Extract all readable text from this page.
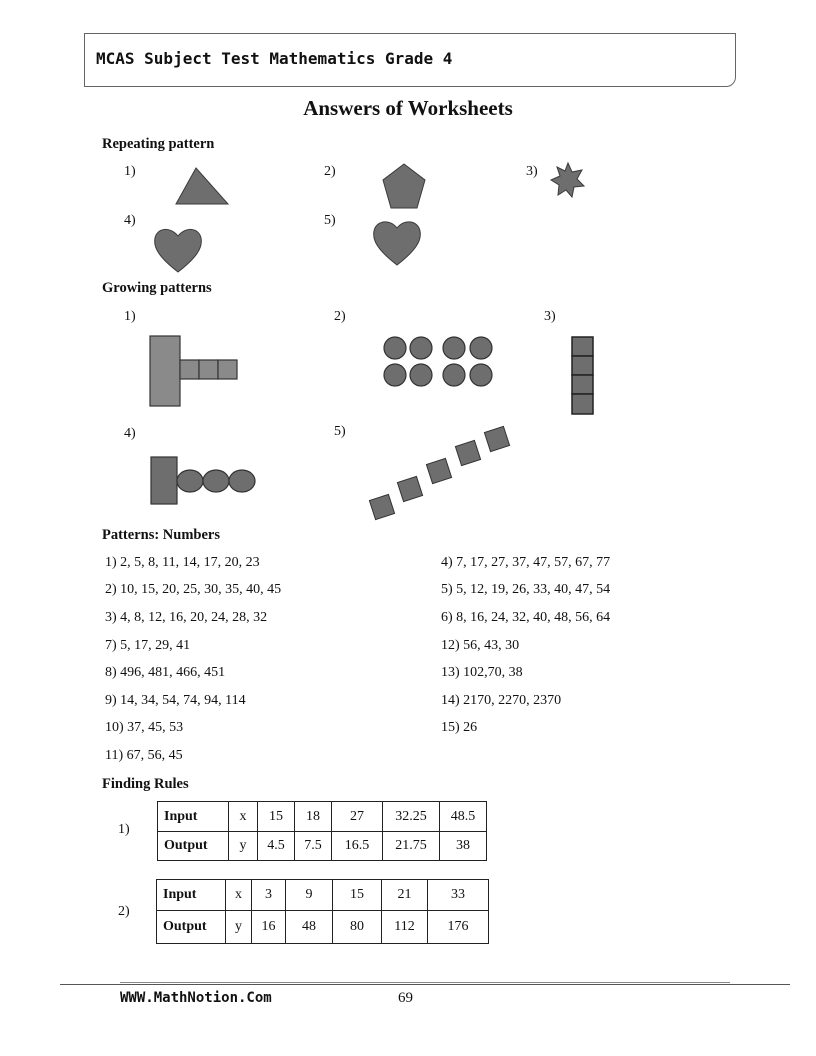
MCAS Subject Test Mathematics Grade 4
Answers of Worksheets
Repeating pattern
1)	2)	3)
4)	5)
Growing patterns
1)	2)	3)
4)	5)
Patterns: Numbers
1) 2, 5, 8, 11, 14, 17, 20, 23
2) 10, 15, 20, 25, 30, 35, 40, 45
3) 4, 8, 12, 16, 20, 24, 28, 32
7) 5, 17, 29, 41
8) 496, 481, 466, 451
9) 14, 34, 54, 74, 94, 114
10) 37, 45, 53
11) 67, 56, 45
4) 7, 17, 27, 37, 47, 57, 67, 77
5) 5, 12, 19, 26, 33, 40, 47, 54
6) 8, 16, 24, 32, 40, 48, 56, 64
12) 56, 43, 30
13) 102,70, 38
14) 2170, 2270, 2370
15) 26
Finding Rules
1)
Input	x	15	18	27	32.25	48.5
Output	y	4.5	7.5	16.5	21.75	38
2)
Input	x	3	9	15	21	33
Output	y	16	48	80	112	176
WWW.MathNotion.Com	69
